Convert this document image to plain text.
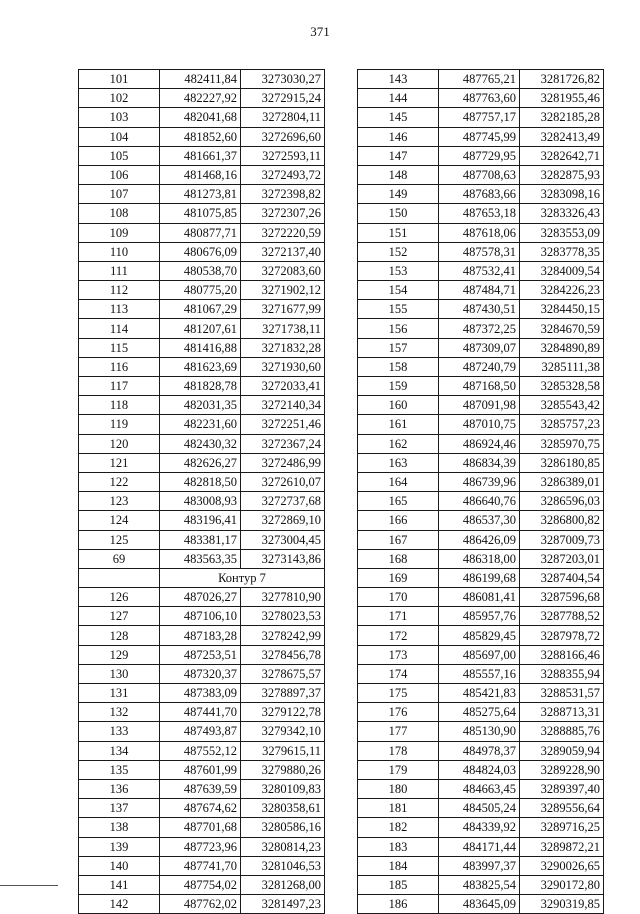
371
101	482411,84	3273030,27
102	482227,92	3272915,24
103	482041,68	3272804,11
104	481852,60	3272696,60
105	481661,37	3272593,11
106	481468,16	3272493,72
107	481273,81	3272398,82
108	481075,85	3272307,26
109	480877,71	3272220,59
110	480676,09	3272137,40
111	480538,70	3272083,60
112	480775,20	3271902,12
113	481067,29	3271677,99
114	481207,61	3271738,11
115	481416,88	3271832,28
116	481623,69	3271930,60
117	481828,78	3272033,41
118	482031,35	3272140,34
119	482231,60	3272251,46
120	482430,32	3272367,24
121	482626,27	3272486,99
122	482818,50	3272610,07
123	483008,93	3272737,68
124	483196,41	3272869,10
125	483381,17	3273004,45
69	483563,35	3273143,86
	Контур 7	
126	487026,27	3277810,90
127	487106,10	3278023,53
128	487183,28	3278242,99
129	487253,51	3278456,78
130	487320,37	3278675,57
131	487383,09	3278897,37
132	487441,70	3279122,78
133	487493,87	3279342,10
134	487552,12	3279615,11
135	487601,99	3279880,26
136	487639,59	3280109,83
137	487674,62	3280358,61
138	487701,68	3280586,16
139	487723,96	3280814,23
140	487741,70	3281046,53
141	487754,02	3281268,00
142	487762,02	3281497,23
143	487765,21	3281726,82
144	487763,60	3281955,46
145	487757,17	3282185,28
146	487745,99	3282413,49
147	487729,95	3282642,71
148	487708,63	3282875,93
149	487683,66	3283098,16
150	487653,18	3283326,43
151	487618,06	3283553,09
152	487578,31	3283778,35
153	487532,41	3284009,54
154	487484,71	3284226,23
155	487430,51	3284450,15
156	487372,25	3284670,59
157	487309,07	3284890,89
158	487240,79	3285111,38
159	487168,50	3285328,58
160	487091,98	3285543,42
161	487010,75	3285757,23
162	486924,46	3285970,75
163	486834,39	3286180,85
164	486739,96	3286389,01
165	486640,76	3286596,03
166	486537,30	3286800,82
167	486426,09	3287009,73
168	486318,00	3287203,01
169	486199,68	3287404,54
170	486081,41	3287596,68
171	485957,76	3287788,52
172	485829,45	3287978,72
173	485697,00	3288166,46
174	485557,16	3288355,94
175	485421,83	3288531,57
176	485275,64	3288713,31
177	485130,90	3288885,76
178	484978,37	3289059,94
179	484824,03	3289228,90
180	484663,45	3289397,40
181	484505,24	3289556,64
182	484339,92	3289716,25
183	484171,44	3289872,21
184	483997,37	3290026,65
185	483825,54	3290172,80
186	483645,09	3290319,85
